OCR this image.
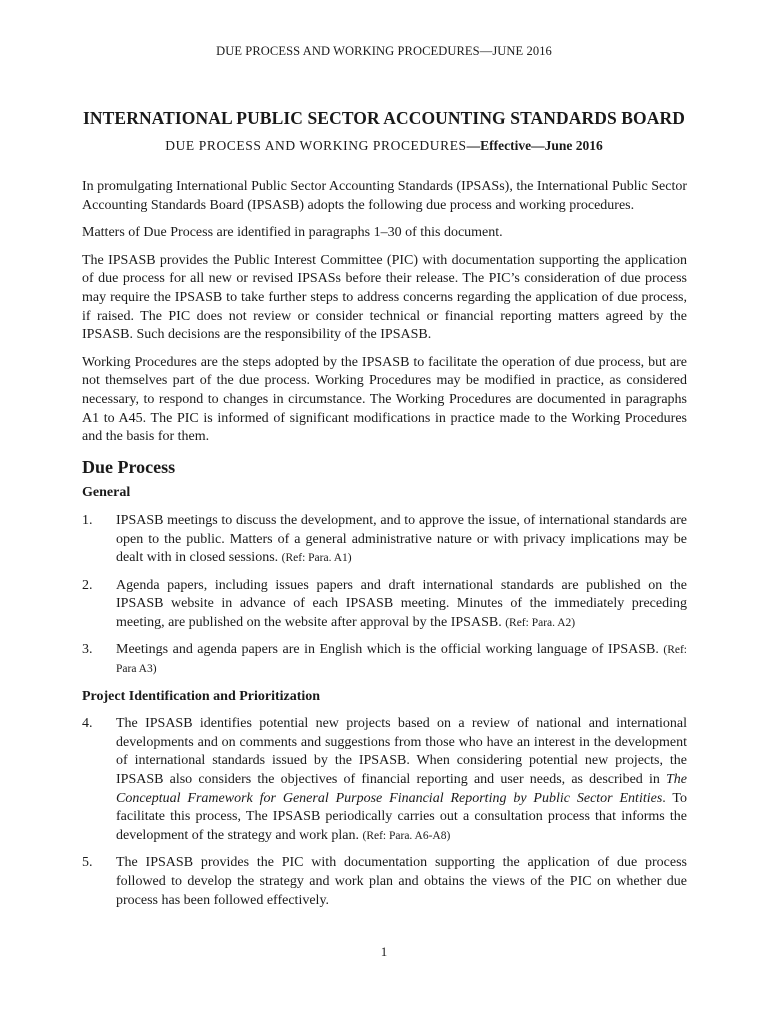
DUE PROCESS AND WORKING PROCEDURES—JUNE 2016
INTERNATIONAL PUBLIC SECTOR ACCOUNTING STANDARDS BOARD
DUE PROCESS AND WORKING PROCEDURES—Effective—June 2016

In promulgating International Public Sector Accounting Standards (IPSASs), the International Public Sector Accounting Standards Board (IPSASB) adopts the following due process and working procedures.

Matters of Due Process are identified in paragraphs 1–30 of this document.

The IPSASB provides the Public Interest Committee (PIC) with documentation supporting the application of due process for all new or revised IPSASs before their release. The PIC’s consideration of due process may require the IPSASB to take further steps to address concerns regarding the application of due process, if raised. The PIC does not review or consider technical or financial reporting matters agreed by the IPSASB. Such decisions are the responsibility of the IPSASB.

Working Procedures are the steps adopted by the IPSASB to facilitate the operation of due process, but are not themselves part of the due process. Working Procedures may be modified in practice, as considered necessary, to respond to changes in circumstance. The Working Procedures are documented in paragraphs A1 to A45. The PIC is informed of significant modifications in practice made to the Working Procedures and the basis for them.

Due Process
General
1.	IPSASB meetings to discuss the development, and to approve the issue, of international standards are open to the public. Matters of a general administrative nature or with privacy implications may be dealt with in closed sessions. (Ref: Para. A1)
2.	Agenda papers, including issues papers and draft international standards are published on the IPSASB website in advance of each IPSASB meeting. Minutes of the immediately preceding meeting, are published on the website after approval by the IPSASB. (Ref: Para. A2)
3.	Meetings and agenda papers are in English which is the official working language of IPSASB. (Ref: Para A3)
Project Identification and Prioritization
4.	The IPSASB identifies potential new projects based on a review of national and international developments and on comments and suggestions from those who have an interest in the development of international standards issued by the IPSASB. When considering potential new projects, the IPSASB also considers the objectives of financial reporting and user needs, as described in The Conceptual Framework for General Purpose Financial Reporting by Public Sector Entities. To facilitate this process, The IPSASB periodically carries out a consultation process that informs the development of the strategy and work plan. (Ref: Para. A6-A8)
5.	The IPSASB provides the PIC with documentation supporting the application of due process followed to develop the strategy and work plan and obtains the views of the PIC on whether due process has been followed effectively.
1
